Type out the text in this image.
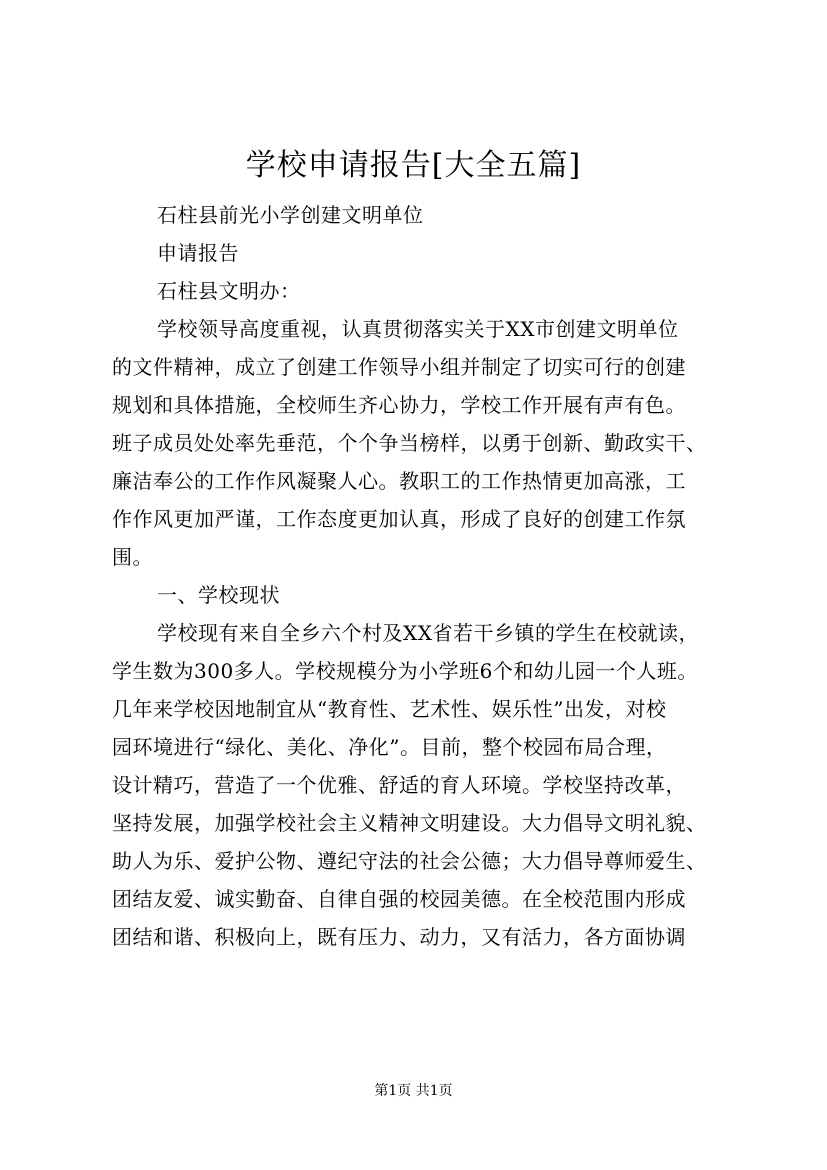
学校申请报告[大全五篇]
石柱县前光小学创建文明单位
申请报告
石柱县文明办：
学校领导高度重视，认真贯彻落实关于XX市创建文明单位
的文件精神，成立了创建工作领导小组并制定了切实可行的创建
规划和具体措施，全校师生齐心协力，学校工作开展有声有色。
班子成员处处率先垂范，个个争当榜样，以勇于创新、勤政实干、
廉洁奉公的工作作风凝聚人心。教职工的工作热情更加高涨，工
作作风更加严谨，工作态度更加认真，形成了良好的创建工作氛
围。
一、学校现状
学校现有来自全乡六个村及XX省若干乡镇的学生在校就读，
学生数为300多人。学校规模分为小学班6个和幼儿园一个人班。
几年来学校因地制宜从“教育性、艺术性、娱乐性”出发，对校
园环境进行“绿化、美化、净化”。目前，整个校园布局合理，
设计精巧，营造了一个优雅、舒适的育人环境。学校坚持改革，
坚持发展，加强学校社会主义精神文明建设。大力倡导文明礼貌、
助人为乐、爱护公物、遵纪守法的社会公德；大力倡导尊师爱生、
团结友爱、诚实勤奋、自律自强的校园美德。在全校范围内形成
团结和谐、积极向上，既有压力、动力，又有活力，各方面协调
第1页 共1页
